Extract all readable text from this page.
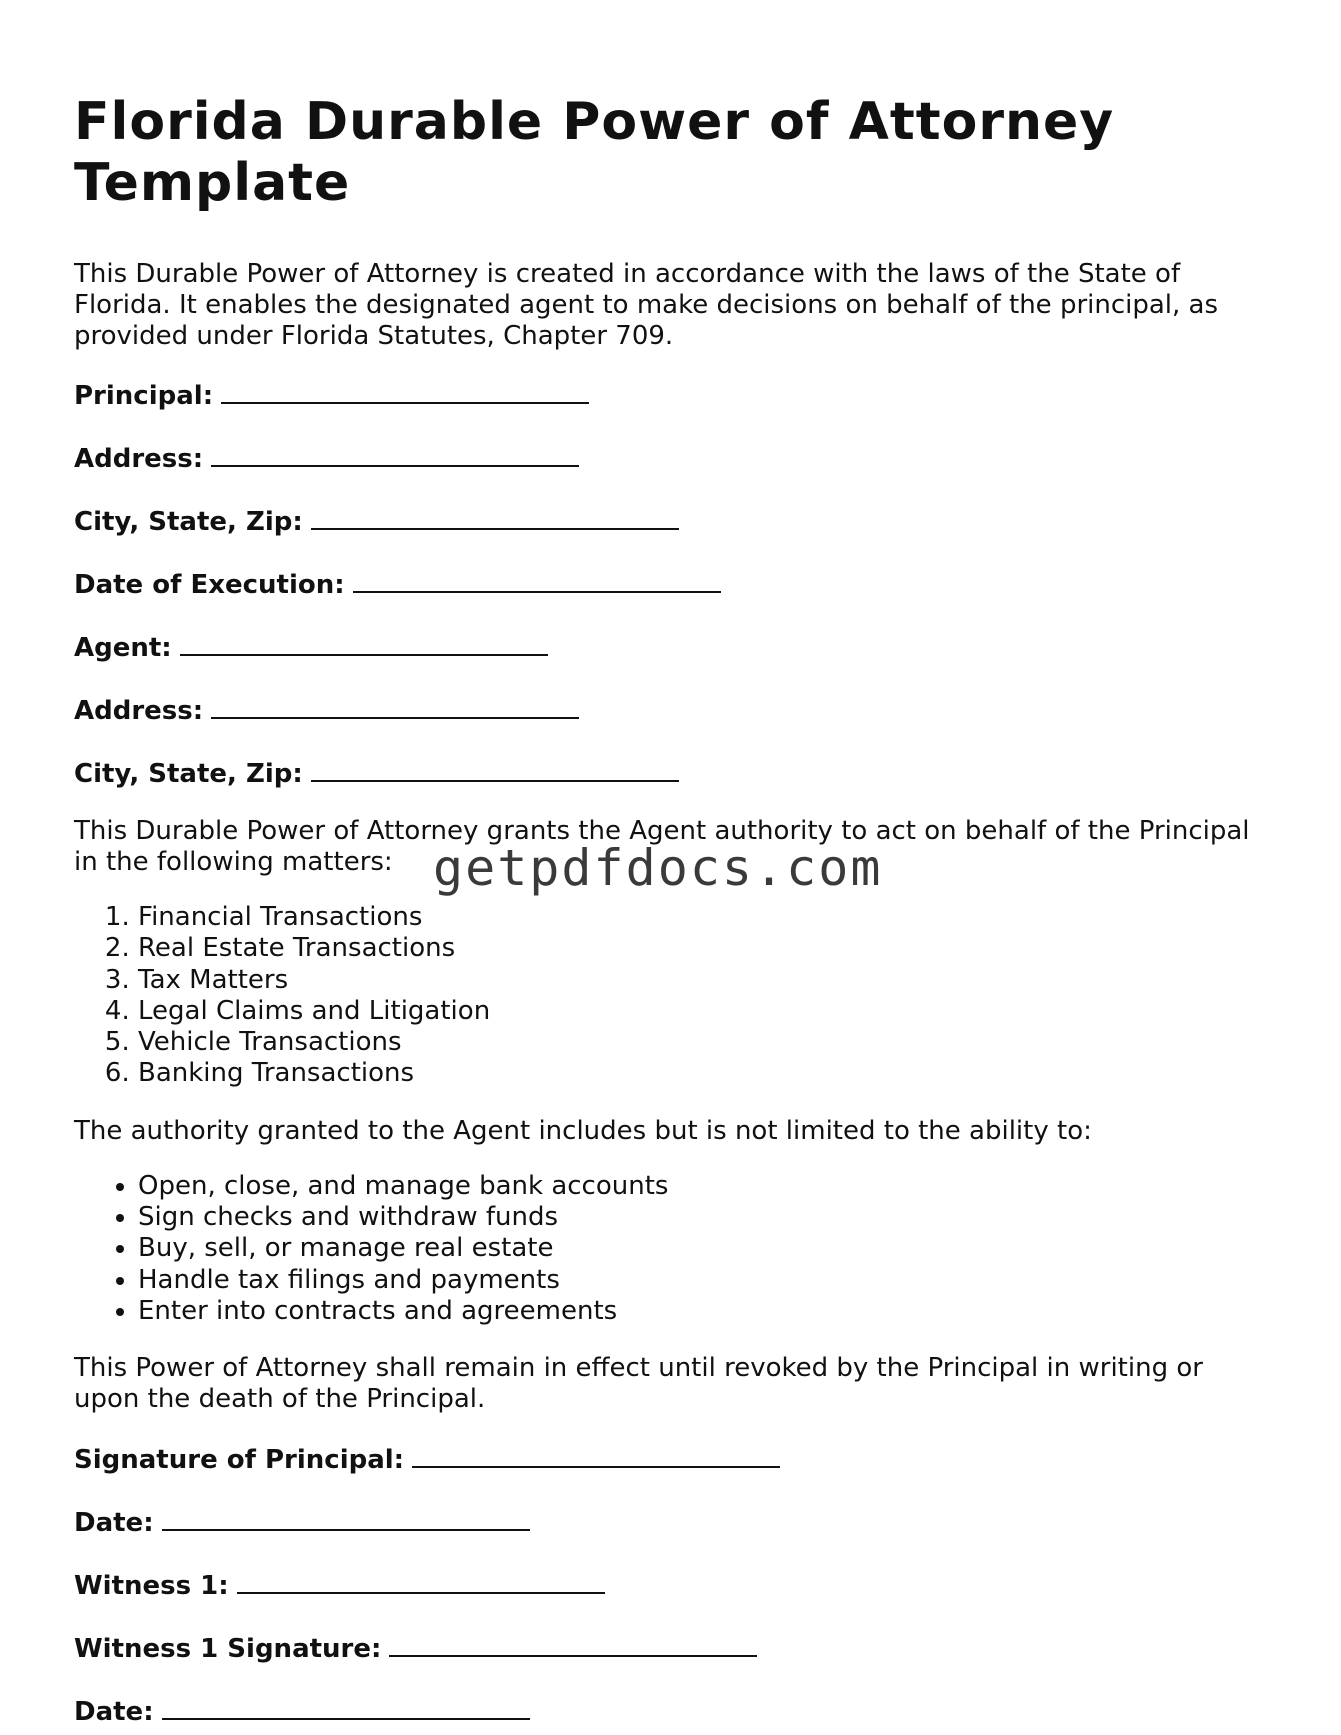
Florida Durable Power of Attorney Template

This Durable Power of Attorney is created in accordance with the laws of the State of Florida. It enables the designated agent to make decisions on behalf of the principal, as provided under Florida Statutes, Chapter 709.

Principal:
Address:
City, State, Zip:
Date of Execution:
Agent:
Address:
City, State, Zip:

This Durable Power of Attorney grants the Agent authority to act on behalf of the Principal in the following matters:

1. Financial Transactions
2. Real Estate Transactions
3. Tax Matters
4. Legal Claims and Litigation
5. Vehicle Transactions
6. Banking Transactions

The authority granted to the Agent includes but is not limited to the ability to:

• Open, close, and manage bank accounts
• Sign checks and withdraw funds
• Buy, sell, or manage real estate
• Handle tax filings and payments
• Enter into contracts and agreements

This Power of Attorney shall remain in effect until revoked by the Principal in writing or upon the death of the Principal.

Signature of Principal:
Date:
Witness 1:
Witness 1 Signature:
Date:
getpdfdocs.com
